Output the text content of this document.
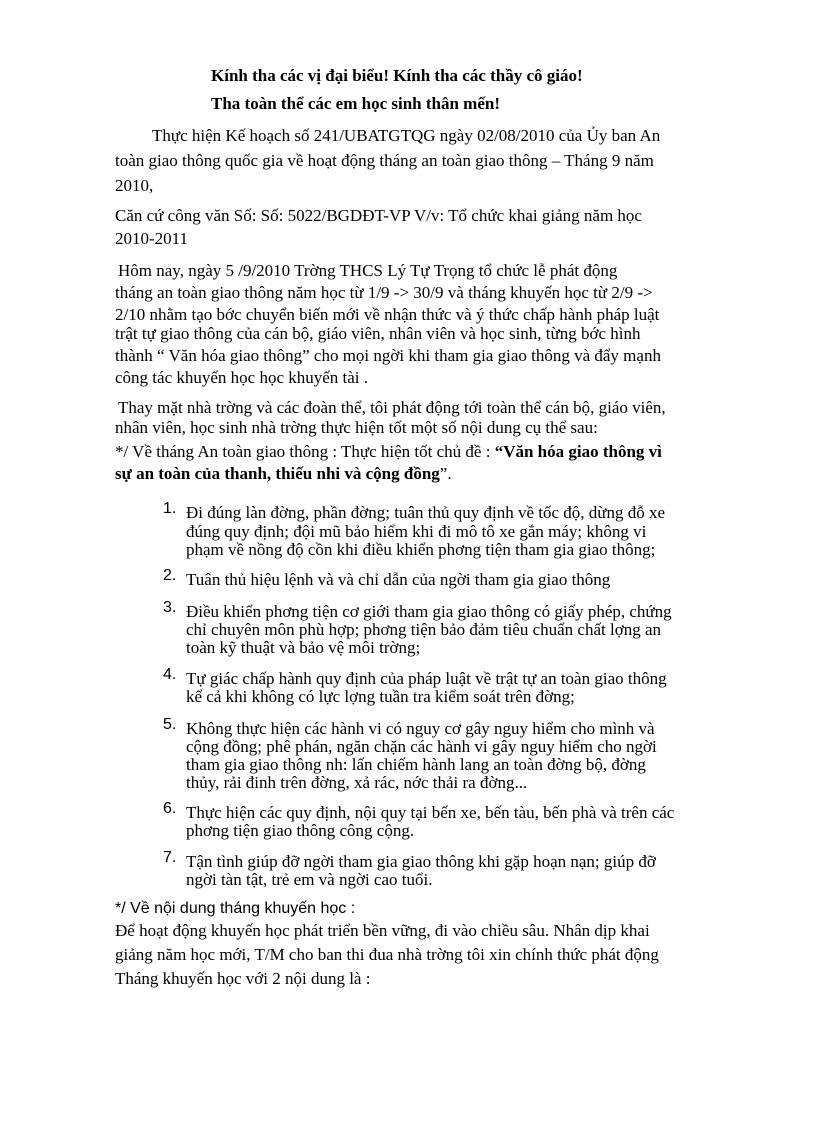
Kính tha các vị đại biểu! Kính tha các thầy cô giáo!
Tha toàn thể các em học sinh thân mến!
Thực hiện Kế hoạch số 241/UBATGTQG ngày 02/08/2010 của Ủy ban An
toàn giao thông quốc gia về hoạt động tháng an toàn giao thông – Tháng 9 năm
2010,
Căn cứ công văn Số: Số: 5022/BGDĐT-VP V/v: Tổ chức khai giảng năm học
2010-2011
Hôm nay, ngày 5 /9/2010 Trờng THCS Lý Tự Trọng tổ chức lễ phát động
tháng an toàn giao thông năm học từ 1/9 -> 30/9 và tháng khuyến học từ 2/9 ->
2/10 nhằm tạo bớc chuyển biến mới về nhận thức và ý thức chấp hành pháp luật
trật tự giao thông của cán bộ, giáo viên, nhân viên và học sinh, từng bớc hình
thành “ Văn hóa giao thông” cho mọi ngời khi tham gia giao thông và đẩy mạnh
công tác khuyến học học khuyến tài .
Thay mặt nhà trờng và các đoàn thể, tôi phát động tới toàn thể cán bộ, giáo viên,
nhân viên, học sinh nhà trờng thực hiện tốt một số nội dung cụ thể sau:
*/ Về tháng An toàn giao thông : Thực hiện tốt chủ đề : “Văn hóa giao thông vì
sự an toàn của thanh, thiếu nhi và cộng đồng”.
1. Đi đúng làn đờng, phần đờng; tuân thủ quy định về tốc độ, dừng đỗ xe
đúng quy định; đội mũ bảo hiểm khi đi mô tô xe gắn máy; không vi
phạm về nồng độ cồn khi điều khiển phơng tiện tham gia giao thông;
2. Tuân thủ hiệu lệnh và và chỉ dẫn của ngời tham gia giao thông
3. Điều khiển phơng tiện cơ giới tham gia giao thông có giấy phép, chứng
chỉ chuyên môn phù hợp; phơng tiện bảo đảm tiêu chuẩn chất lợng an
toàn kỹ thuật và bảo vệ môi trờng;
4. Tự giác chấp hành quy định của pháp luật về trật tự an toàn giao thông
kể cả khi không có lực lợng tuần tra kiểm soát trên đờng;
5. Không thực hiện các hành vi có nguy cơ gây nguy hiểm cho mình và
cộng đồng; phê phán, ngăn chặn các hành vi gây nguy hiểm cho ngời
tham gia giao thông nh: lấn chiếm hành lang an toàn đờng bộ, đờng
thủy, rải đinh trên đờng, xả rác, nớc thải ra đờng...
6. Thực hiện các quy định, nội quy tại bến xe, bến tàu, bến phà và trên các
phơng tiện giao thông công cộng.
7. Tận tình giúp đỡ ngời tham gia giao thông khi gặp hoạn nạn; giúp đỡ
ngời tàn tật, trẻ em và ngời cao tuổi.
*/ Về nội dung tháng khuyến học :
Để hoạt động khuyến học phát triển bền vững, đi vào chiều sâu. Nhân dịp khai
giảng năm học mới, T/M cho ban thi đua nhà trờng tôi xin chính thức phát động
Tháng khuyến học với 2 nội dung là :
